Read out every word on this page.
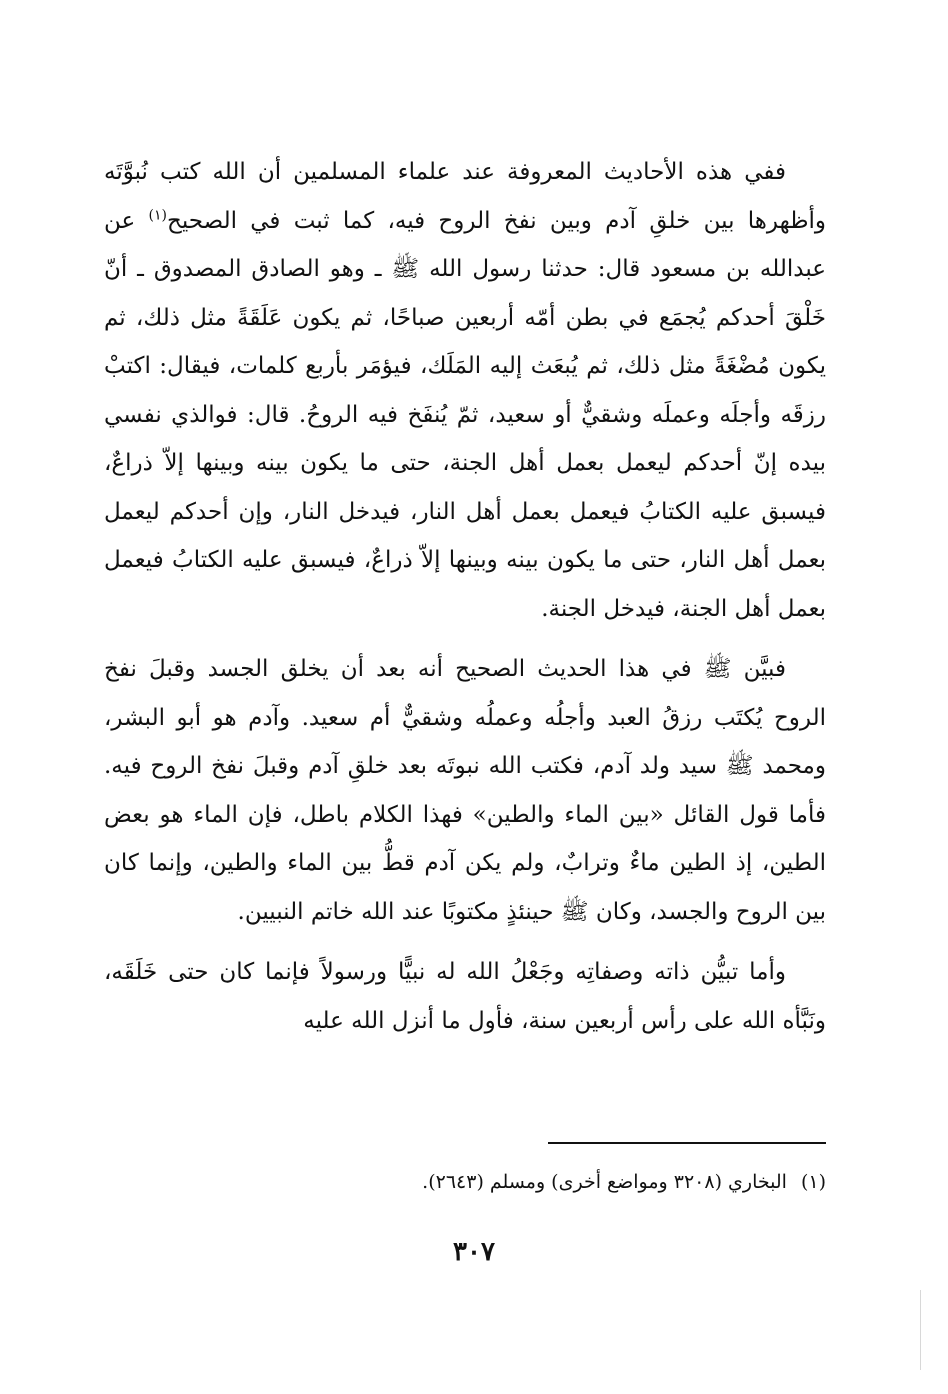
ففي هذه الأحاديث المعروفة عند علماء المسلمين أن الله كتب نُبوَّتَه وأظهرها بين خلقِ آدم وبين نفخ الروح فيه، كما ثبت في الصحيح$^{(١)}$ عن عبدالله بن مسعود قال: حدثنا رسول الله ﷺ ـ وهو الصادق المصدوق ـ أنّ خَلْقَ أحدكم يُجمَع في بطن أمّه أربعين صباحًا، ثم يكون عَلَقَةً مثل ذلك، ثم يكون مُضْغَةً مثل ذلك، ثم يُبعَث إليه المَلَك، فيؤمَر بأربع كلمات، فيقال: اكتبْ رزقَه وأجلَه وعملَه وشقيٌّ أو سعيد، ثمّ يُنفَخ فيه الروحُ. قال: فوالذي نفسي بيده إنّ أحدكم ليعمل بعمل أهل الجنة، حتى ما يكون بينه وبينها إلاّ ذراعٌ، فيسبق عليه الكتابُ فيعمل بعمل أهل النار، فيدخل النار، وإن أحدكم ليعمل بعمل أهل النار، حتى ما يكون بينه وبينها إلاّ ذراعٌ، فيسبق عليه الكتابُ فيعمل بعمل أهل الجنة، فيدخل الجنة.

فبيَّن ﷺ في هذا الحديث الصحيح أنه بعد أن يخلق الجسد وقبلَ نفخ الروح يُكتَب رزقُ العبد وأجلُه وعملُه وشقيٌّ أم سعيد. وآدم هو أبو البشر، ومحمد ﷺ سيد ولد آدم، فكتب الله نبوتَه بعد خلقِ آدم وقبلَ نفخ الروح فيه. فأما قول القائل «بين الماء والطين» فهذا الكلام باطل، فإن الماء هو بعض الطين، إذ الطين ماءٌ وترابٌ، ولم يكن آدم قطُّ بين الماء والطين، وإنما كان بين الروح والجسد، وكان ﷺ حينئذٍ مكتوبًا عند الله خاتم النبيين.

وأما تبيُّن ذاته وصفاتِه وجَعْلُ الله له نبيًّا ورسولاً فإنما كان حتى خَلَقَه، ونَبَّأه الله على رأس أربعين سنة، فأول ما أنزل الله عليه

(١)البخاري (٣٢٠٨ ومواضع أخرى) ومسلم (٢٦٤٣).
٣٠٧
